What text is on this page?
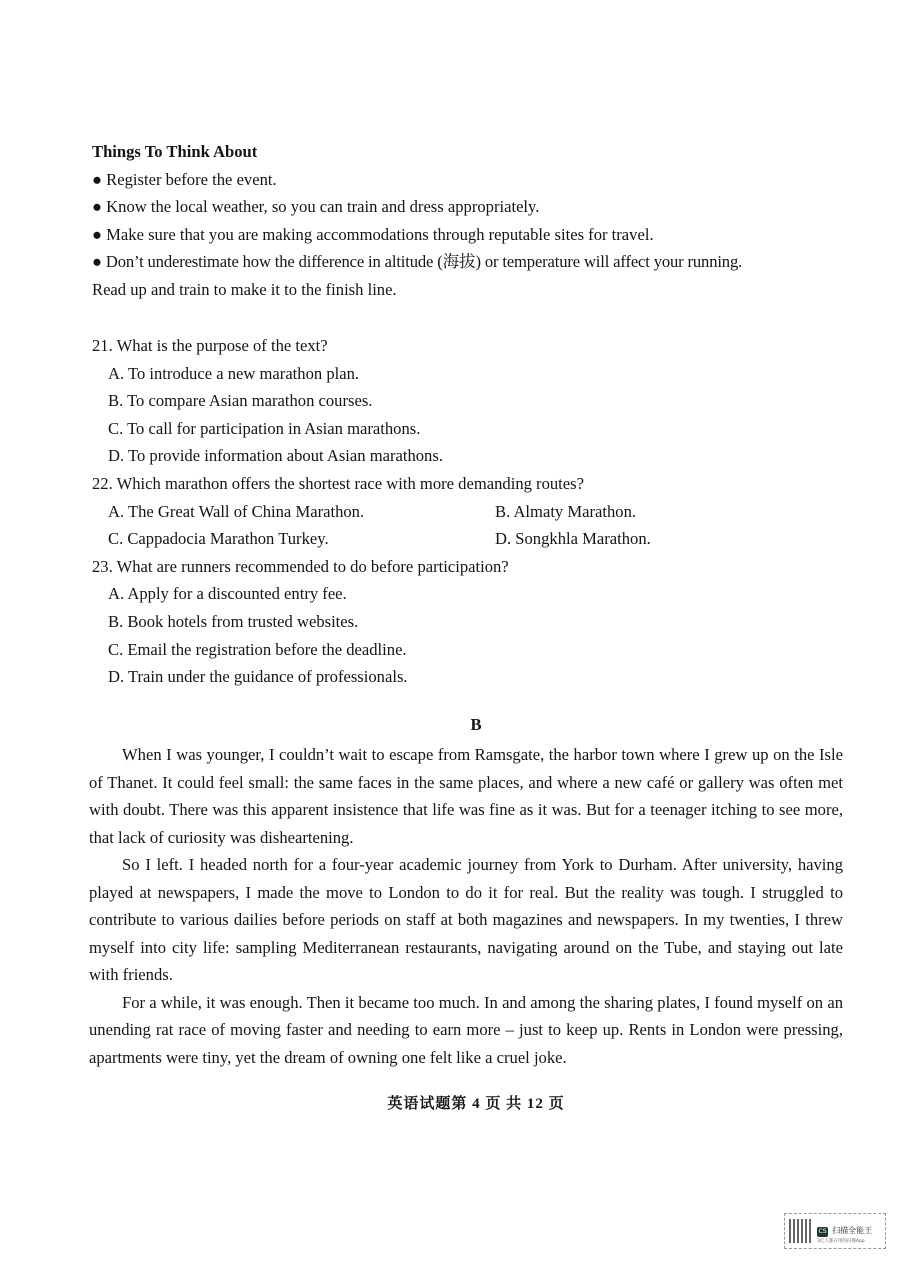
Things To Think About
● Register before the event.
● Know the local weather, so you can train and dress appropriately.
● Make sure that you are making accommodations through reputable sites for travel.
● Don’t underestimate how the difference in altitude (海拔) or temperature will affect your running.
Read up and train to make it to the finish line.
21. What is the purpose of the text?
A. To introduce a new marathon plan.
B. To compare Asian marathon courses.
C. To call for participation in Asian marathons.
D. To provide information about Asian marathons.
22. Which marathon offers the shortest race with more demanding routes?
A. The Great Wall of China Marathon.	B. Almaty Marathon.
C. Cappadocia Marathon Turkey.	D. Songkhla Marathon.
23. What are runners recommended to do before participation?
A. Apply for a discounted entry fee.
B. Book hotels from trusted websites.
C. Email the registration before the deadline.
D. Train under the guidance of professionals.
B

When I was younger, I couldn’t wait to escape from Ramsgate, the harbor town where I grew up on the Isle of Thanet. It could feel small: the same faces in the same places, and where a new café or gallery was often met with doubt. There was this apparent insistence that life was fine as it was. But for a teenager itching to see more, that lack of curiosity was disheartening.

So I left. I headed north for a four-year academic journey from York to Durham. After university, having played at newspapers, I made the move to London to do it for real. But the reality was tough. I struggled to contribute to various dailies before periods on staff at both magazines and newspapers. In my twenties, I threw myself into city life: sampling Mediterranean restaurants, navigating around on the Tube, and staying out late with friends.

For a while, it was enough. Then it became too much. In and among the sharing plates, I found myself on an unending rat race of moving faster and needing to earn more – just to keep up. Rents in London were pressing, apartments were tiny, yet the dream of owning one felt like a cruel joke.

英语试题第 4 页 共 12 页
CS 扫描全能王
3亿人都在用的扫描App
